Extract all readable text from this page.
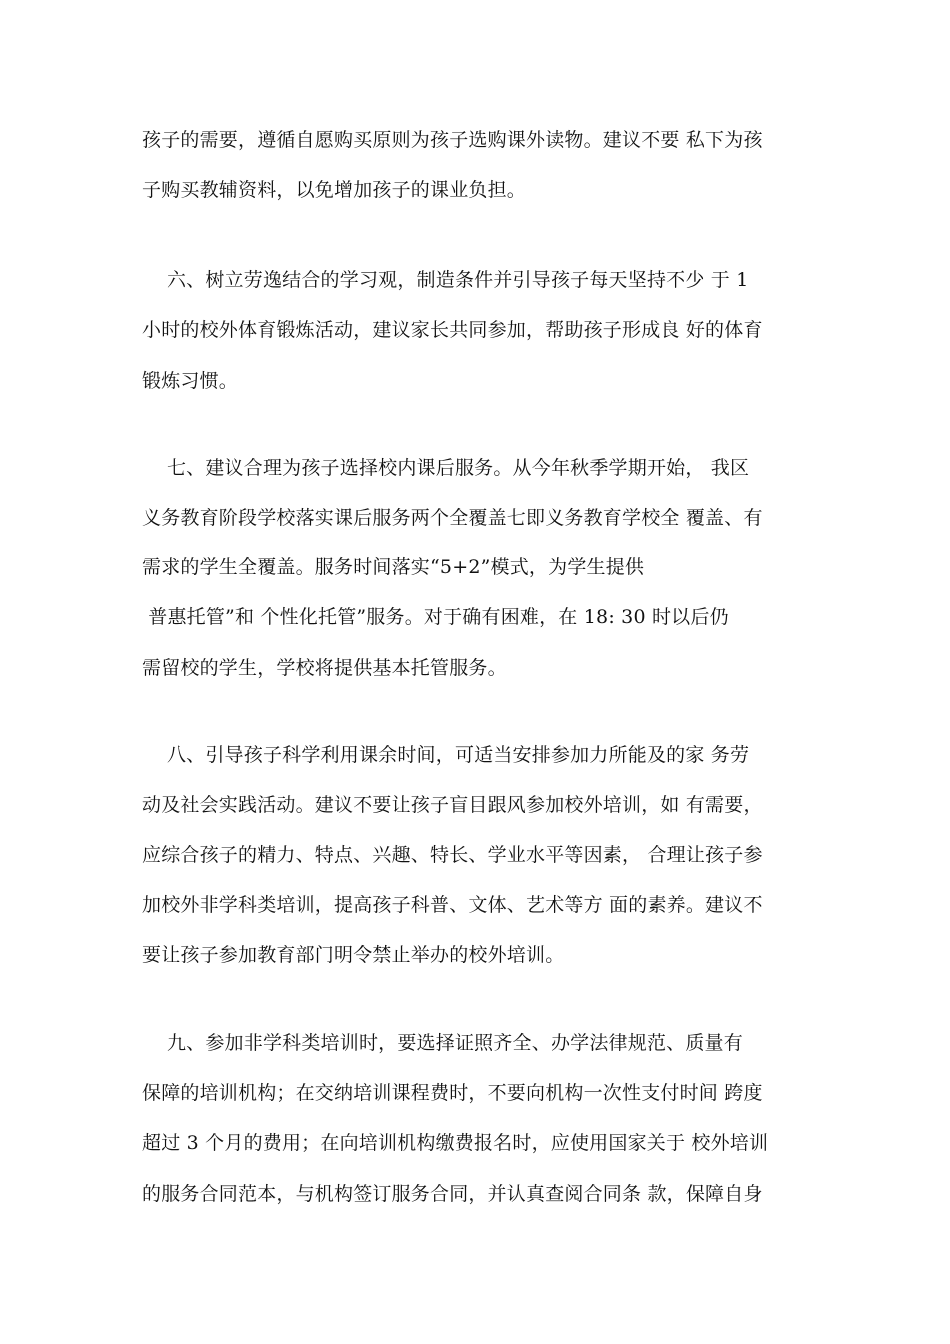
孩子的需要，遵循自愿购买原则为孩子选购课外读物。建议不要 私下为孩
子购买教辅资料，以免增加孩子的课业负担。
六、树立劳逸结合的学习观，制造条件并引导孩子每天坚持不少 于 1
小时的校外体育锻炼活动，建议家长共同参加，帮助孩子形成良 好的体育
锻炼习惯。
七、建议合理为孩子选择校内课后服务。从今年秋季学期开始， 我区
义务教育阶段学校落实课后服务两个全覆盖七即义务教育学校全 覆盖、有
需求的学生全覆盖。服务时间落实“5+2”模式，为学生提供
普惠托管”和 个性化托管”服务。对于确有困难，在 18: 30 时以后仍
需留校的学生，学校将提供基本托管服务。
八、引导孩子科学利用课余时间，可适当安排参加力所能及的家 务劳
动及社会实践活动。建议不要让孩子盲目跟风参加校外培训，如 有需要，
应综合孩子的精力、特点、兴趣、特长、学业水平等因素， 合理让孩子参
加校外非学科类培训，提高孩子科普、文体、艺术等方 面的素养。建议不
要让孩子参加教育部门明令禁止举办的校外培训。
九、参加非学科类培训时，要选择证照齐全、办学法律规范、质量有
保障的培训机构；在交纳培训课程费时，不要向机构一次性支付时间 跨度
超过 3 个月的费用；在向培训机构缴费报名时，应使用国家关于 校外培训
的服务合同范本，与机构签订服务合同，并认真查阅合同条 款，保障自身
